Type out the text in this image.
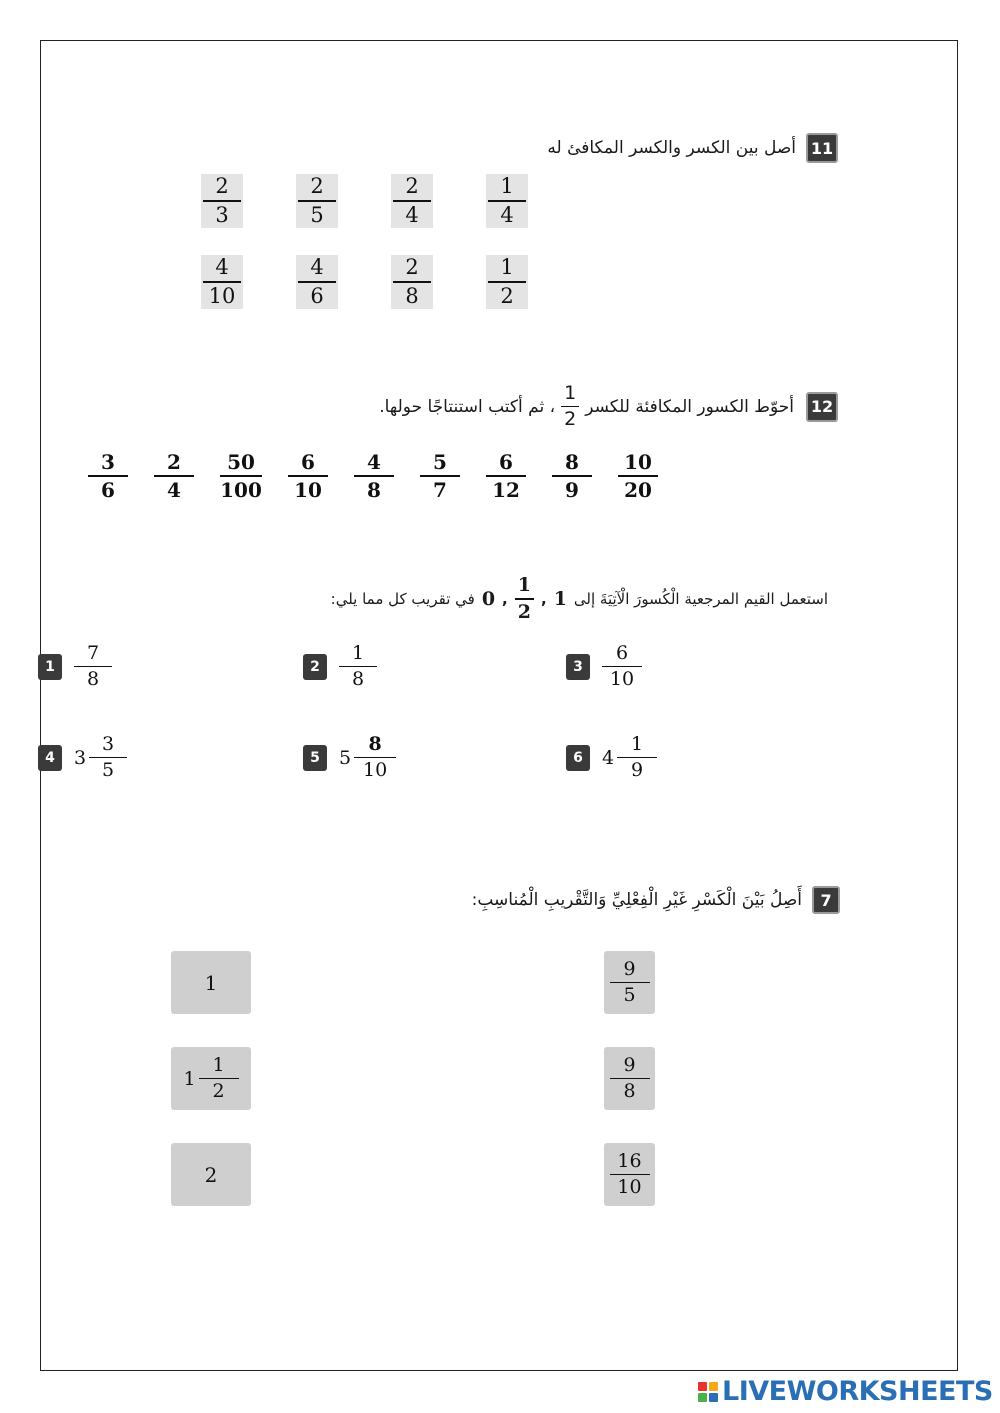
11
أصل بين الكسر والكسر المكافئ له
2
3
2
5
2
4
1
4
4
10
4
6
2
8
1
2
12
أحوّط الكسور المكافئة للكسر
$\frac{1}{2}$
، ثم أكتب استنتاجًا حولها.
$\frac{3}{6} \frac{2}{4} \frac{50}{100} \frac{6}{10} \frac{4}{8} \frac{5}{7} \frac{6}{12} \frac{8}{9} \frac{10}{20}$
استعمل القيم المرجعية الْكُسورَ الْآتِيَةَ إلى
1
,
$\frac{1}{2}$
,
0
في تقريب كل مما يلي:
1	$\frac{7}{8}$	2	$\frac{1}{8}$	3	$\frac{6}{10}$
4	$3 \frac{3}{5}$	5	$5 \frac{8}{10}$	6	$4 \frac{1}{9}$
7
أَصِلُ بَيْنَ الْكَسْرِ غَيْرِ الْفِعْلِيِّ وَالتَّقْريبِ الْمُناسِبِ:
1
$1 \frac{1}{2}$
2
$\frac{9}{5}$
$\frac{9}{8}$
$\frac{16}{10}$
LIVEWORKSHEETS
